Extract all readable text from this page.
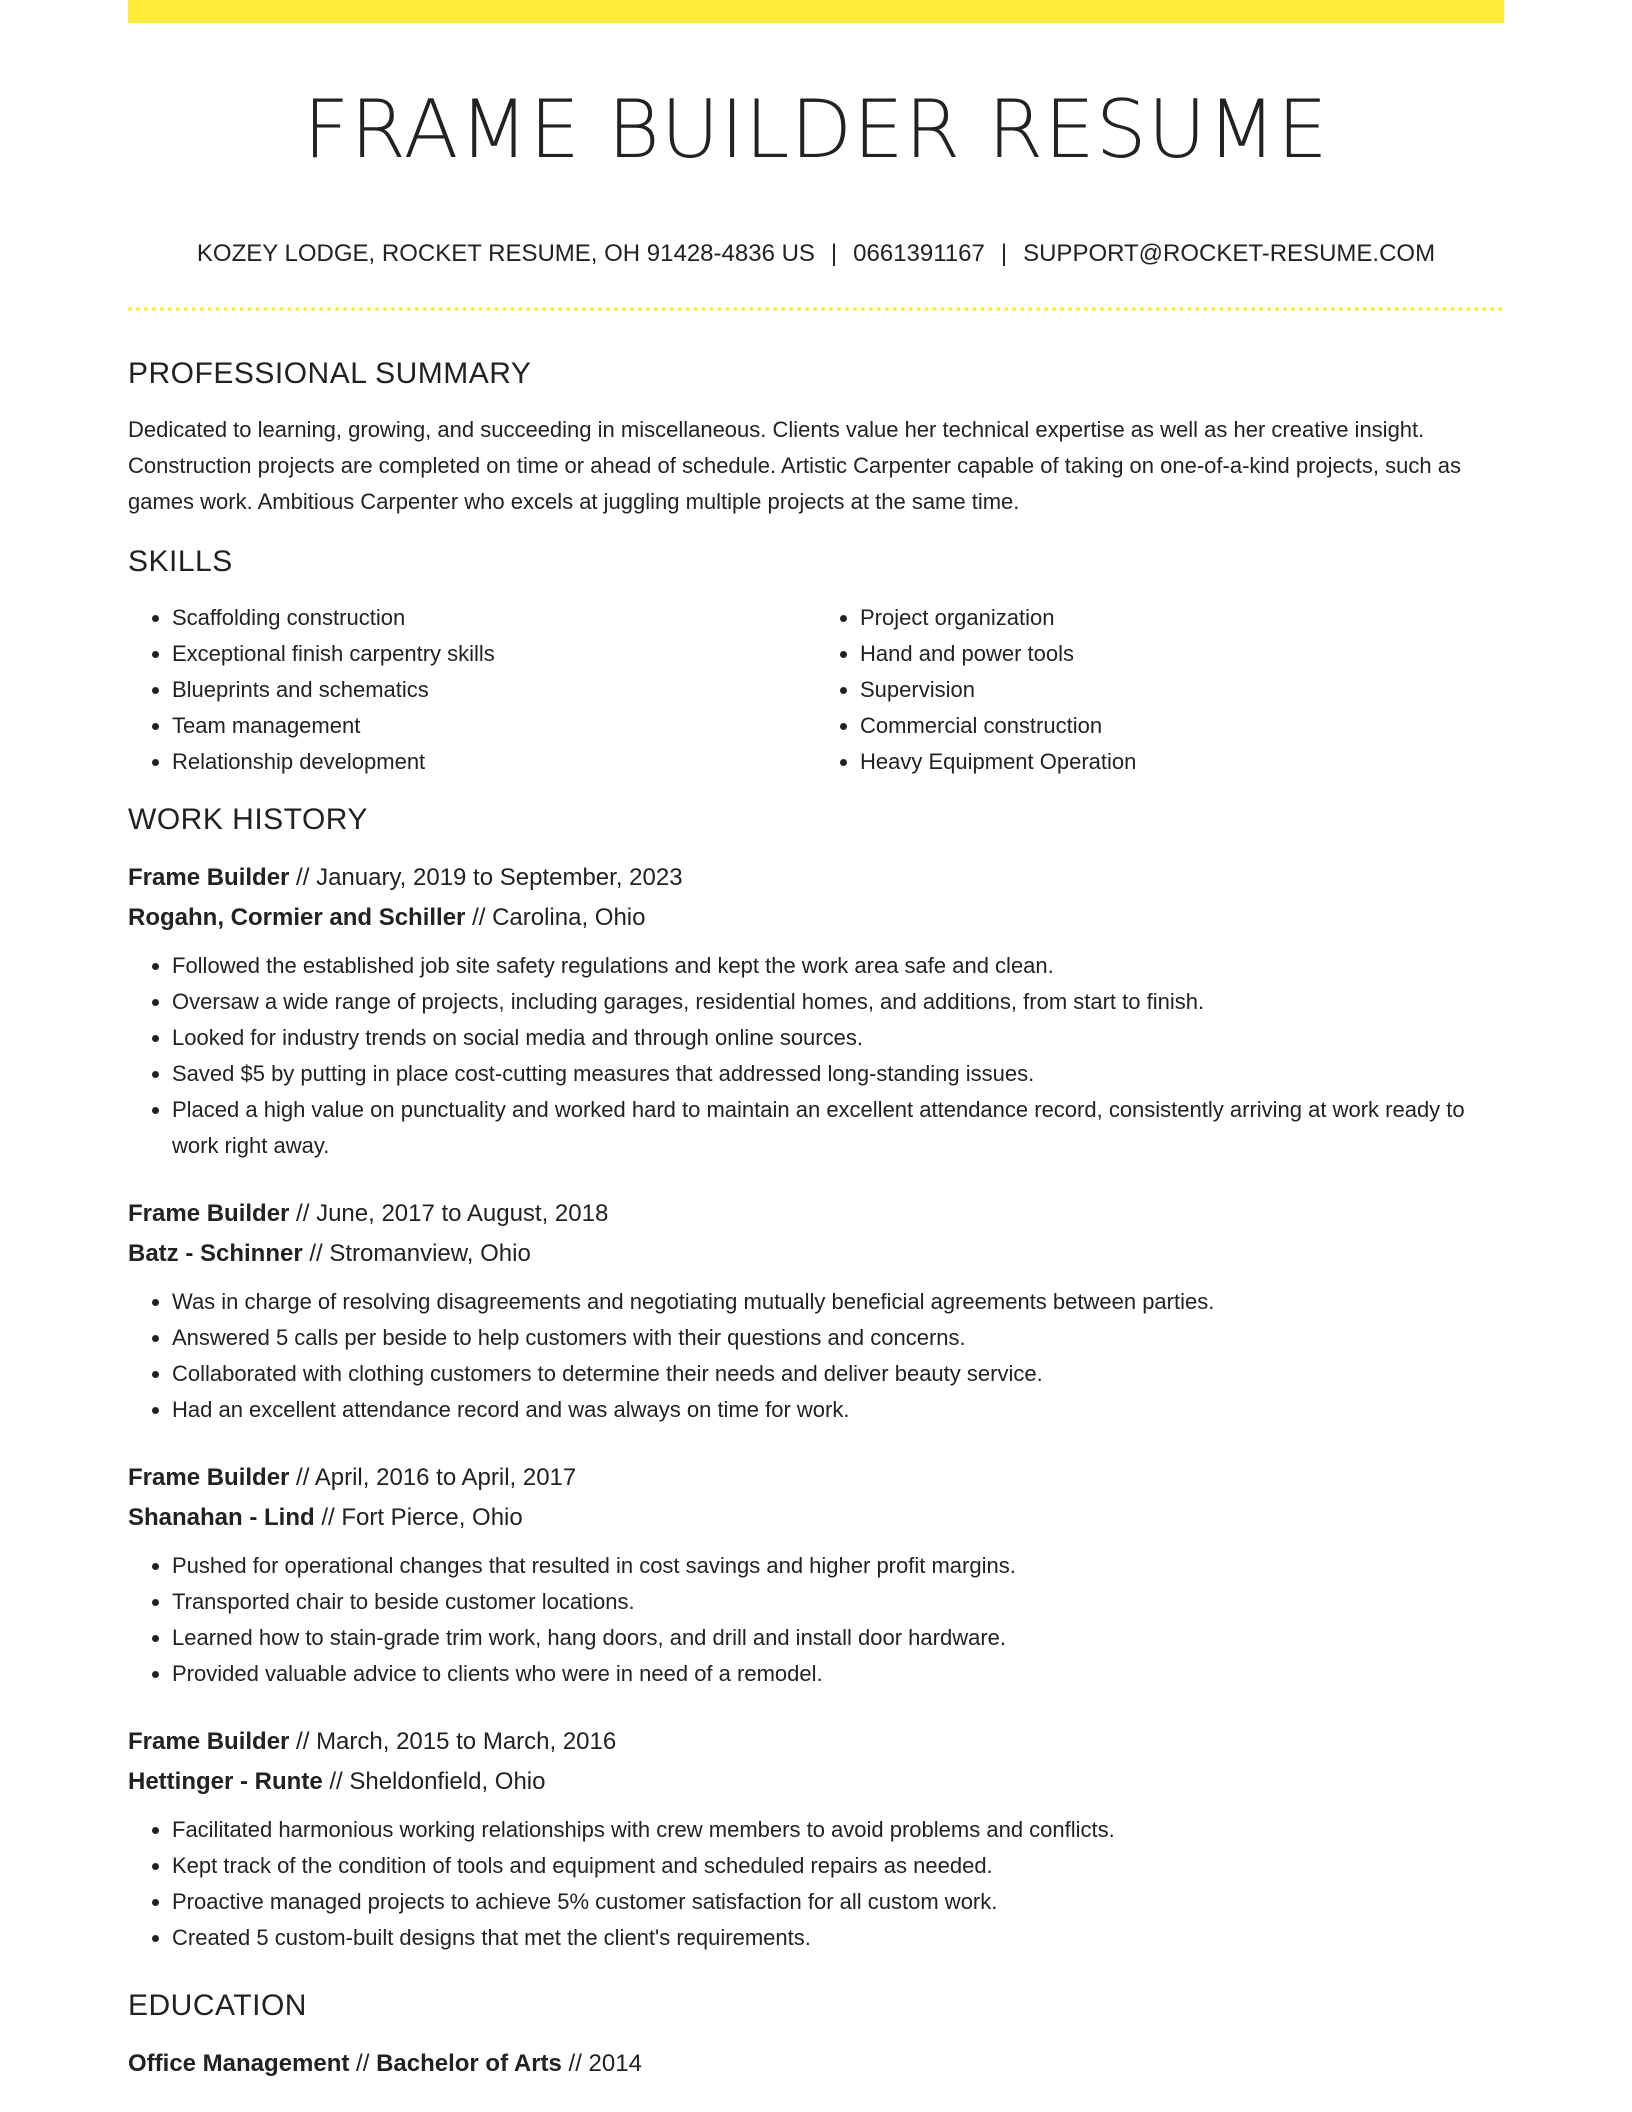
FRAME BUILDER RESUME
KOZEY LODGE, ROCKET RESUME, OH 91428-4836 US | 0661391167 | SUPPORT@ROCKET-RESUME.COM
PROFESSIONAL SUMMARY

Dedicated to learning, growing, and succeeding in miscellaneous. Clients value her technical expertise as well as her creative insight. Construction projects are completed on time or ahead of schedule. Artistic Carpenter capable of taking on one-of-a-kind projects, such as games work. Ambitious Carpenter who excels at juggling multiple projects at the same time.

SKILLS
• Scaffolding construction
• Exceptional finish carpentry skills
• Blueprints and schematics
• Team management
• Relationship development
• Project organization
• Hand and power tools
• Supervision
• Commercial construction
• Heavy Equipment Operation
WORK HISTORY
Frame Builder // January, 2019 to September, 2023
Rogahn, Cormier and Schiller // Carolina, Ohio
• Followed the established job site safety regulations and kept the work area safe and clean.
• Oversaw a wide range of projects, including garages, residential homes, and additions, from start to finish.
• Looked for industry trends on social media and through online sources.
• Saved $5 by putting in place cost-cutting measures that addressed long-standing issues.
• Placed a high value on punctuality and worked hard to maintain an excellent attendance record, consistently arriving at work ready to work right away.
Frame Builder // June, 2017 to August, 2018
Batz - Schinner // Stromanview, Ohio
• Was in charge of resolving disagreements and negotiating mutually beneficial agreements between parties.
• Answered 5 calls per beside to help customers with their questions and concerns.
• Collaborated with clothing customers to determine their needs and deliver beauty service.
• Had an excellent attendance record and was always on time for work.
Frame Builder // April, 2016 to April, 2017
Shanahan - Lind // Fort Pierce, Ohio
• Pushed for operational changes that resulted in cost savings and higher profit margins.
• Transported chair to beside customer locations.
• Learned how to stain-grade trim work, hang doors, and drill and install door hardware.
• Provided valuable advice to clients who were in need of a remodel.
Frame Builder // March, 2015 to March, 2016
Hettinger - Runte // Sheldonfield, Ohio
• Facilitated harmonious working relationships with crew members to avoid problems and conflicts.
• Kept track of the condition of tools and equipment and scheduled repairs as needed.
• Proactive managed projects to achieve 5% customer satisfaction for all custom work.
• Created 5 custom-built designs that met the client's requirements.
EDUCATION
Office Management // Bachelor of Arts // 2014
